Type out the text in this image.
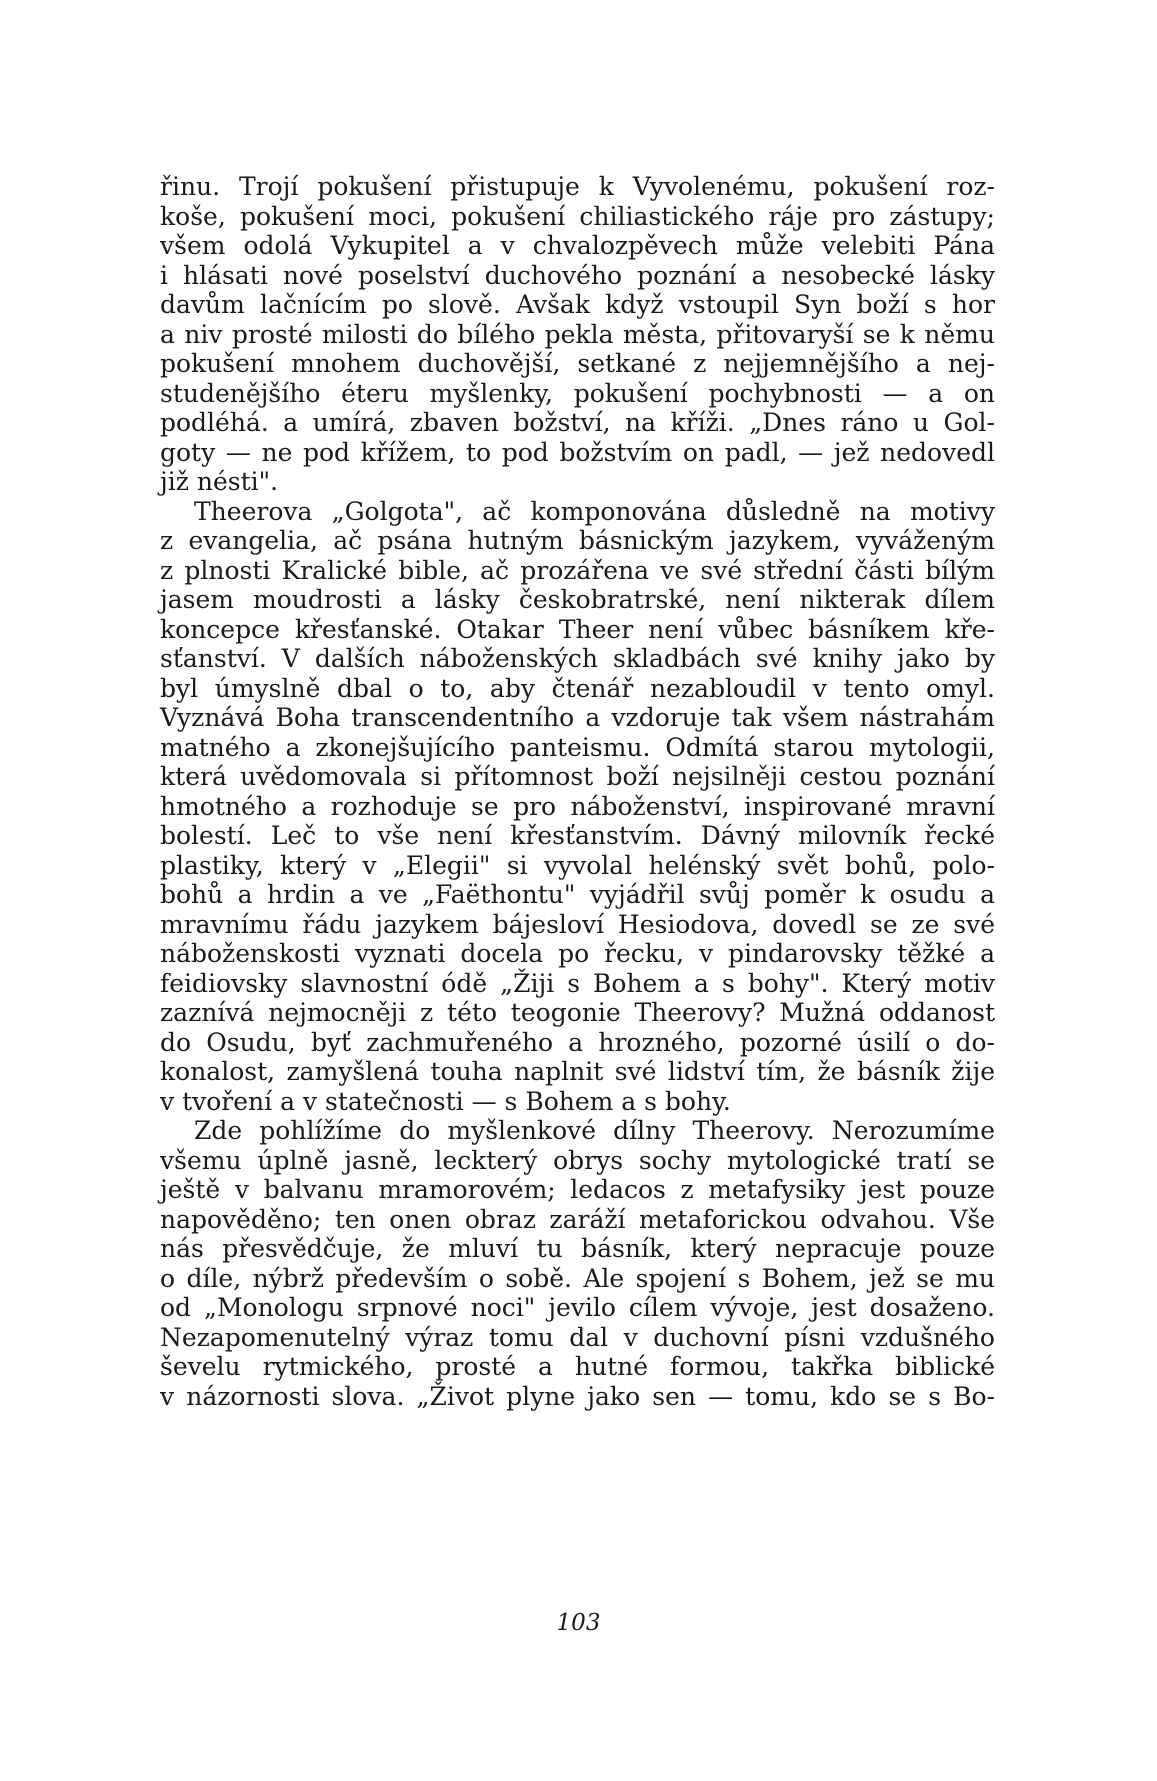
řinu. Trojí pokušení přistupuje k Vyvolenému, pokušení roz-
koše, pokušení moci, pokušení chiliastického ráje pro zástupy;
všem odolá Vykupitel a v chvalozpěvech může velebiti Pána
i hlásati nové poselství duchového poznání a nesobecké lásky
davům lačnícím po slově. Avšak když vstoupil Syn boží s hor
a niv prosté milosti do bílého pekla města, přitovaryší se k němu
pokušení mnohem duchovější, setkané z nejjemnějšího a nej-
studenějšího éteru myšlenky, pokušení pochybnosti — a on
podléhá. a umírá, zbaven božství, na kříži. „Dnes ráno u Gol-
goty — ne pod křížem, to pod božstvím on padl, — jež nedovedl
již nésti".
Theerova „Golgota", ač komponována důsledně na motivy
z evangelia, ač psána hutným básnickým jazykem, vyváženým
z plnosti Kralické bible, ač prozářena ve své střední části bílým
jasem moudrosti a lásky českobratrské, není nikterak dílem
koncepce křesťanské. Otakar Theer není vůbec básníkem kře-
sťanství. V dalších náboženských skladbách své knihy jako by
byl úmyslně dbal o to, aby čtenář nezabloudil v tento omyl.
Vyznává Boha transcendentního a vzdoruje tak všem nástrahám
matného a zkonejšujícího panteismu. Odmítá starou mytologii,
která uvědomovala si přítomnost boží nejsilněji cestou poznání
hmotného a rozhoduje se pro náboženství, inspirované mravní
bolestí. Leč to vše není křesťanstvím. Dávný milovník řecké
plastiky, který v „Elegii" si vyvolal helénský svět bohů, polo-
bohů a hrdin a ve „Faëthontu" vyjádřil svůj poměr k osudu a
mravnímu řádu jazykem bájesloví Hesiodova, dovedl se ze své
náboženskosti vyznati docela po řecku, v pindarovsky těžké a
feidiovsky slavnostní ódě „Žiji s Bohem a s bohy". Který motiv
zaznívá nejmocněji z této teogonie Theerovy? Mužná oddanost
do Osudu, byť zachmuřeného a hrozného, pozorné úsilí o do-
konalost, zamyšlená touha naplnit své lidství tím, že básník žije
v tvoření a v statečnosti — s Bohem a s bohy.
Zde pohlížíme do myšlenkové dílny Theerovy. Nerozumíme
všemu úplně jasně, leckterý obrys sochy mytologické tratí se
ještě v balvanu mramorovém; ledacos z metafysiky jest pouze
napověděno; ten onen obraz zaráží metaforickou odvahou. Vše
nás přesvědčuje, že mluví tu básník, který nepracuje pouze
o díle, nýbrž především o sobě. Ale spojení s Bohem, jež se mu
od „Monologu srpnové noci" jevilo cílem vývoje, jest dosaženo.
Nezapomenutelný výraz tomu dal v duchovní písni vzdušného
ševelu rytmického, prosté a hutné formou, takřka biblické
v názornosti slova. „Život plyne jako sen — tomu, kdo se s Bo-
103
